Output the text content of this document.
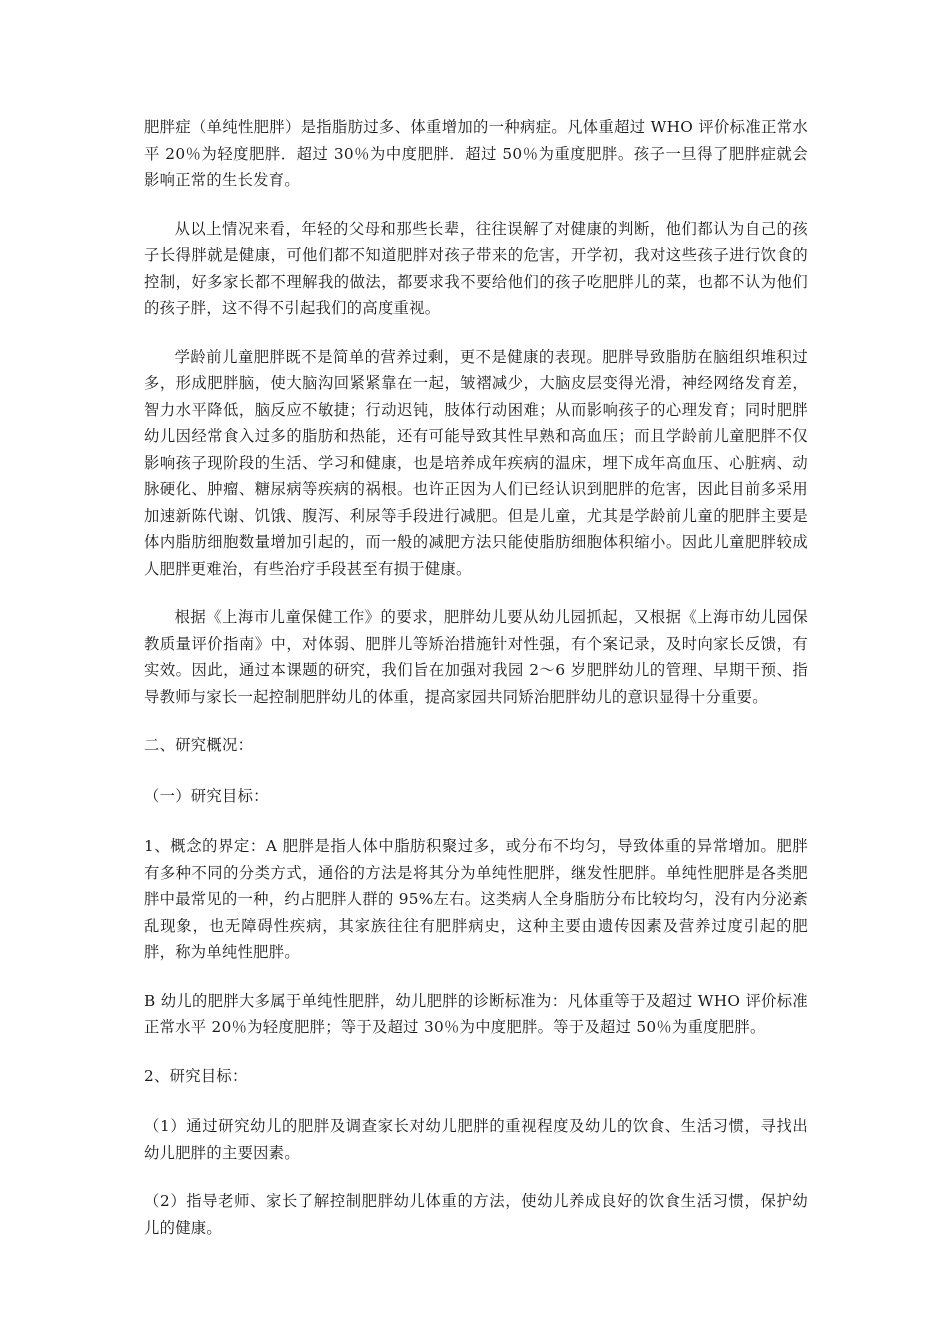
肥胖症（单纯性肥胖）是指脂肪过多、体重增加的一种病症。凡体重超过 WHO 评价标准正常水平 20％为轻度肥胖．超过 30％为中度肥胖．超过 50％为重度肥胖。孩子一旦得了肥胖症就会影响正常的生长发育。

从以上情况来看，年轻的父母和那些长辈，往往误解了对健康的判断，他们都认为自己的孩子长得胖就是健康，可他们都不知道肥胖对孩子带来的危害，开学初，我对这些孩子进行饮食的控制，好多家长都不理解我的做法，都要求我不要给他们的孩子吃肥胖儿的菜，也都不认为他们的孩子胖，这不得不引起我们的高度重视。

学龄前儿童肥胖既不是简单的营养过剩，更不是健康的表现。肥胖导致脂肪在脑组织堆积过多，形成肥胖脑，使大脑沟回紧紧靠在一起，皱褶减少，大脑皮层变得光滑，神经网络发育差，智力水平降低，脑反应不敏捷；行动迟钝，肢体行动困难；从而影响孩子的心理发育；同时肥胖幼儿因经常食入过多的脂肪和热能，还有可能导致其性早熟和高血压；而且学龄前儿童肥胖不仅影响孩子现阶段的生活、学习和健康，也是培养成年疾病的温床，埋下成年高血压、心脏病、动脉硬化、肿瘤、糖尿病等疾病的祸根。也许正因为人们已经认识到肥胖的危害，因此目前多采用加速新陈代谢、饥饿、腹泻、利尿等手段进行减肥。但是儿童，尤其是学龄前儿童的肥胖主要是体内脂肪细胞数量增加引起的，而一般的减肥方法只能使脂肪细胞体积缩小。因此儿童肥胖较成人肥胖更难治，有些治疗手段甚至有损于健康。

根据《上海市儿童保健工作》的要求，肥胖幼儿要从幼儿园抓起，又根据《上海市幼儿园保教质量评价指南》中，对体弱、肥胖儿等矫治措施针对性强，有个案记录，及时向家长反馈，有实效。因此，通过本课题的研究，我们旨在加强对我园 2～6 岁肥胖幼儿的管理、早期干预、指导教师与家长一起控制肥胖幼儿的体重，提高家园共同矫治肥胖幼儿的意识显得十分重要。

二、研究概况：

（一）研究目标：

1、概念的界定：A 肥胖是指人体中脂肪积聚过多，或分布不均匀，导致体重的异常增加。肥胖有多种不同的分类方式，通俗的方法是将其分为单纯性肥胖，继发性肥胖。单纯性肥胖是各类肥胖中最常见的一种，约占肥胖人群的 95%左右。这类病人全身脂肪分布比较均匀，没有内分泌紊乱现象，也无障碍性疾病，其家族往往有肥胖病史，这种主要由遗传因素及营养过度引起的肥胖，称为单纯性肥胖。

B 幼儿的肥胖大多属于单纯性肥胖，幼儿肥胖的诊断标准为：凡体重等于及超过 WHO 评价标准正常水平 20％为轻度肥胖；等于及超过 30％为中度肥胖。等于及超过 50％为重度肥胖。

2、研究目标：

（1）通过研究幼儿的肥胖及调查家长对幼儿肥胖的重视程度及幼儿的饮食、生活习惯，寻找出幼儿肥胖的主要因素。

（2）指导老师、家长了解控制肥胖幼儿体重的方法，使幼儿养成良好的饮食生活习惯，保护幼儿的健康。
